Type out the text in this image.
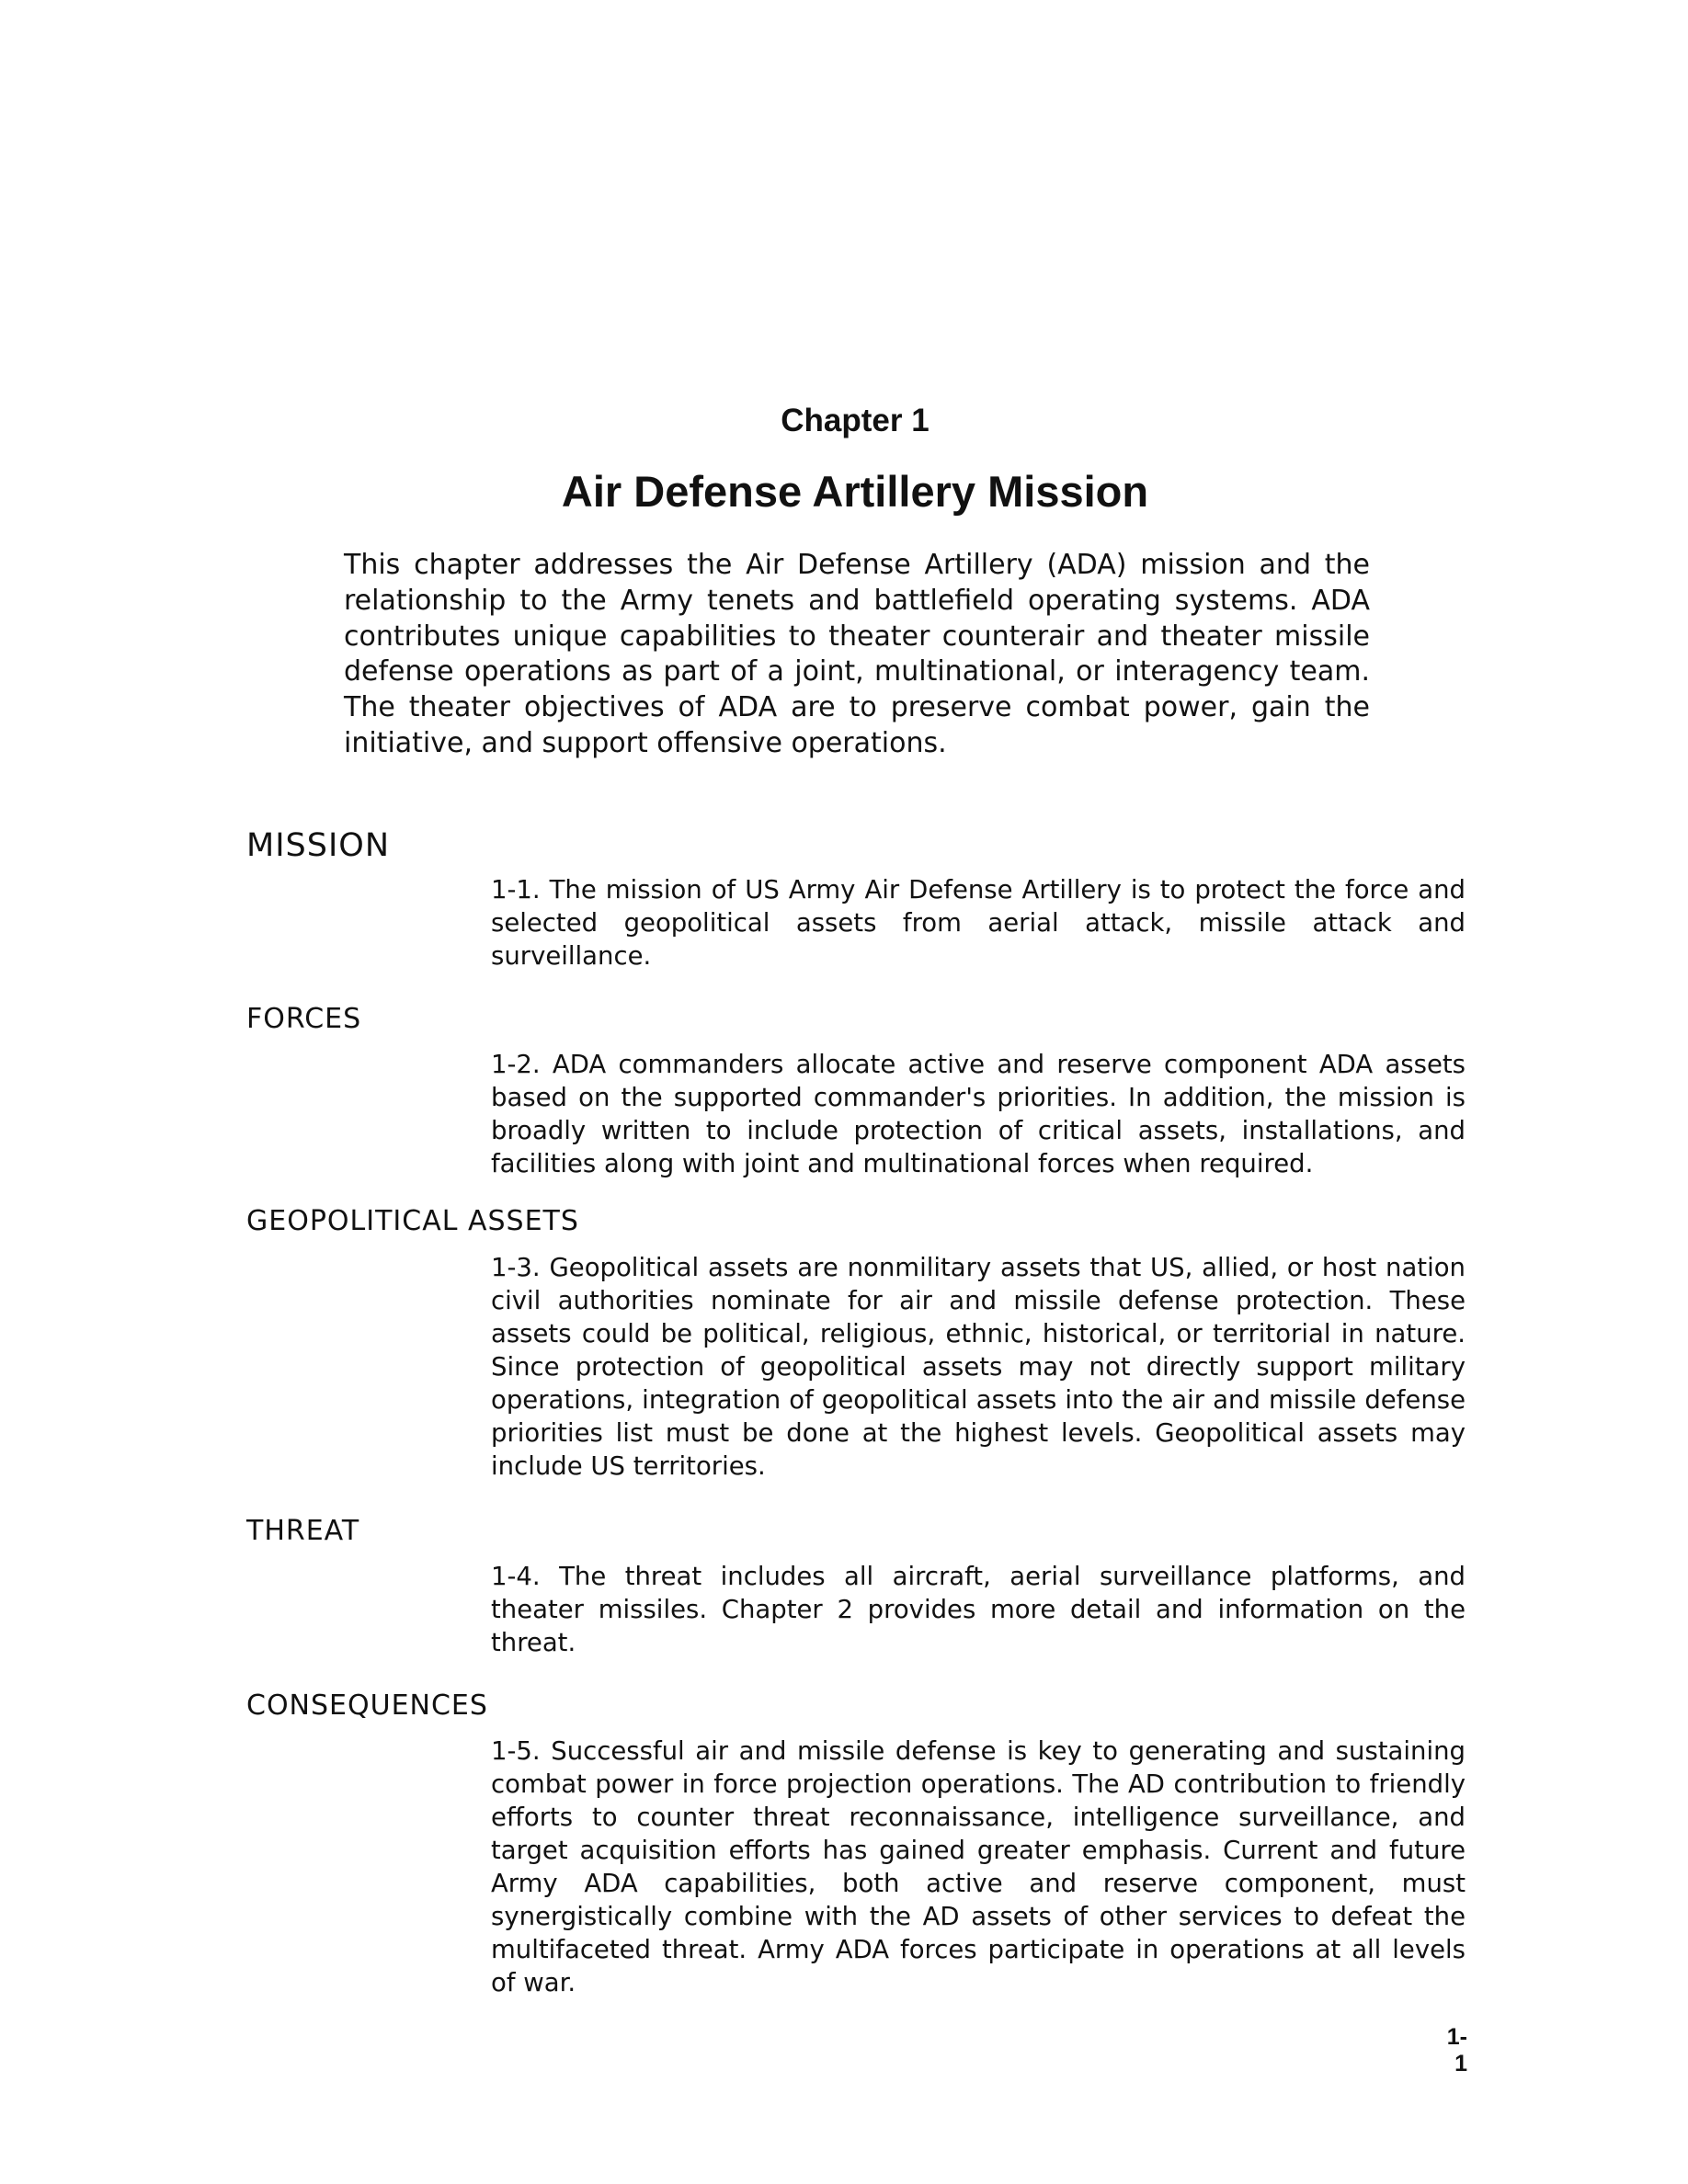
Chapter 1
Air Defense Artillery Mission

This chapter addresses the Air Defense Artillery (ADA) mission and the relationship to the Army tenets and battlefield operating systems. ADA contributes unique capabilities to theater counterair and theater missile defense operations as part of a joint, multinational, or interagency team. The theater objectives of ADA are to preserve combat power, gain the initiative, and support offensive operations.

MISSION

1-1. The mission of US Army Air Defense Artillery is to protect the force and selected geopolitical assets from aerial attack, missile attack and surveillance.

FORCES

1-2. ADA commanders allocate active and reserve component ADA assets based on the supported commander's priorities. In addition, the mission is broadly written to include protection of critical assets, installations, and facilities along with joint and multinational forces when required.

GEOPOLITICAL ASSETS

1-3. Geopolitical assets are nonmilitary assets that US, allied, or host nation civil authorities nominate for air and missile defense protection. These assets could be political, religious, ethnic, historical, or territorial in nature. Since protection of geopolitical assets may not directly support military operations, integration of geopolitical assets into the air and missile defense priorities list must be done at the highest levels. Geopolitical assets may include US territories.

THREAT

1-4. The threat includes all aircraft, aerial surveillance platforms, and theater missiles. Chapter 2 provides more detail and information on the threat.

CONSEQUENCES

1-5. Successful air and missile defense is key to generating and sustaining combat power in force projection operations. The AD contribution to friendly efforts to counter threat reconnaissance, intelligence surveillance, and target acquisition efforts has gained greater emphasis. Current and future Army ADA capabilities, both active and reserve component, must synergistically combine with the AD assets of other services to defeat the multifaceted threat. Army ADA forces participate in operations at all levels of war.

1-1
